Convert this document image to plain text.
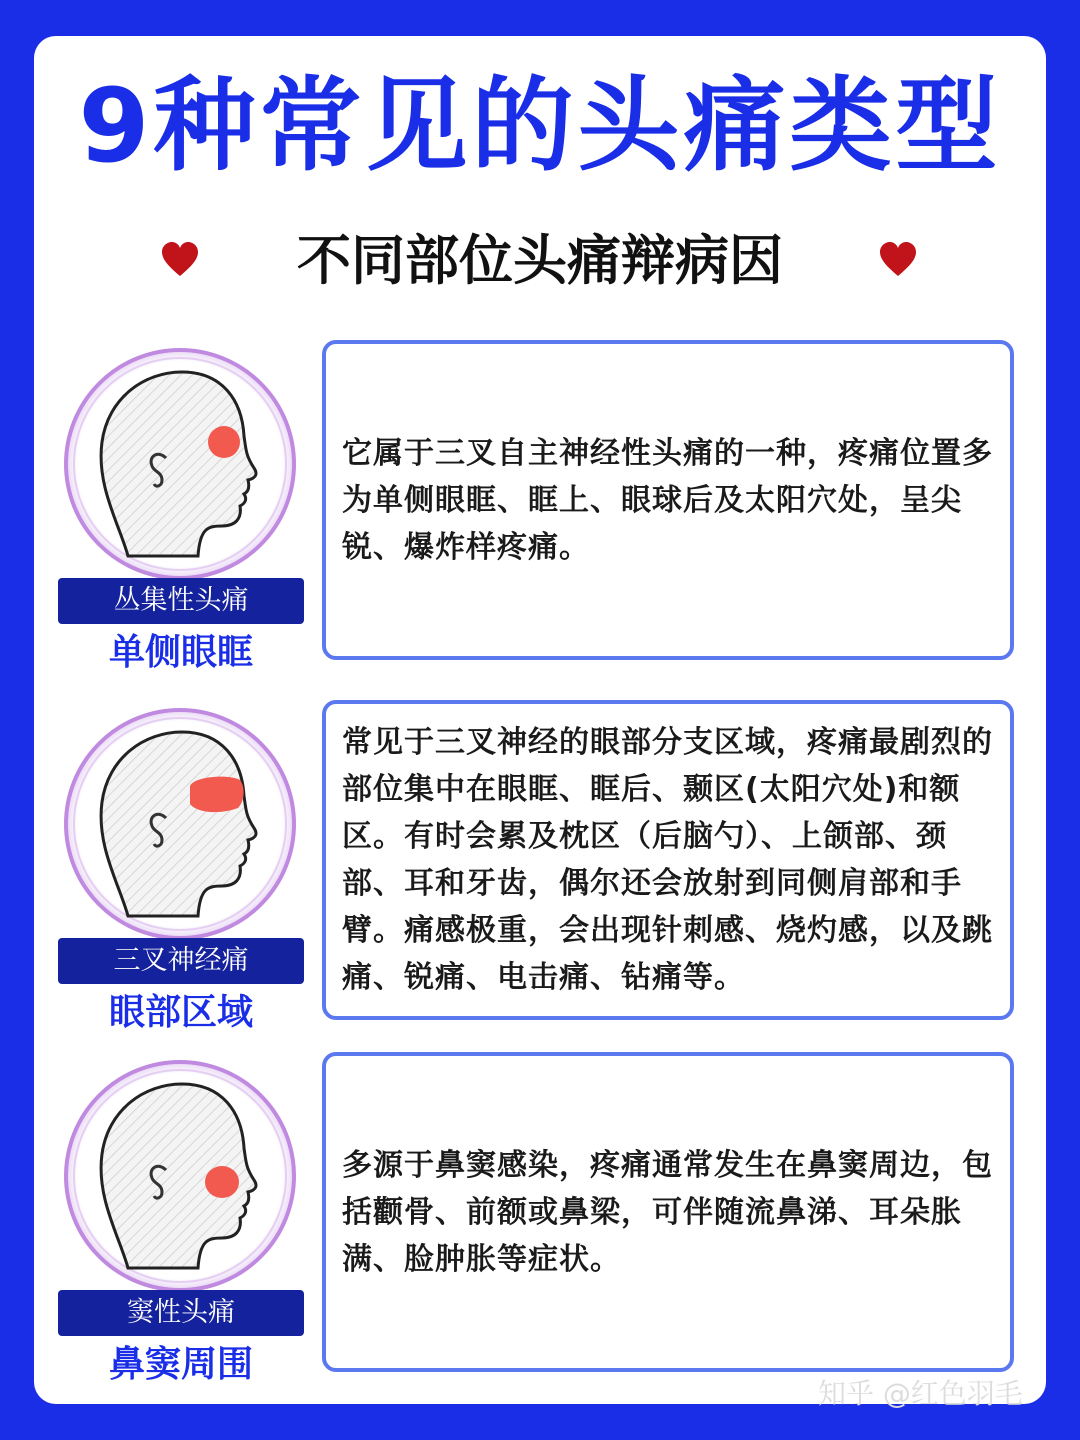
9种常见的头痛类型
不同部位头痛辩病因
丛集性头痛
单侧眼眶
它属于三叉自主神经性头痛的一种，疼痛位置多为单侧眼眶、眶上、眼球后及太阳穴处，呈尖锐、爆炸样疼痛。
三叉神经痛
眼部区域
常见于三叉神经的眼部分支区域，疼痛最剧烈的部位集中在眼眶、眶后、颞区(太阳穴处)和额区。有时会累及枕区（后脑勺）、上颌部、颈部、耳和牙齿，偶尔还会放射到同侧肩部和手臂。痛感极重，会出现针刺感、烧灼感，以及跳痛、锐痛、电击痛、钻痛等。
窦性头痛
鼻窦周围
多源于鼻窦感染，疼痛通常发生在鼻窦周边，包括颧骨、前额或鼻梁，可伴随流鼻涕、耳朵胀满、脸肿胀等症状。
知乎 @红色羽毛
